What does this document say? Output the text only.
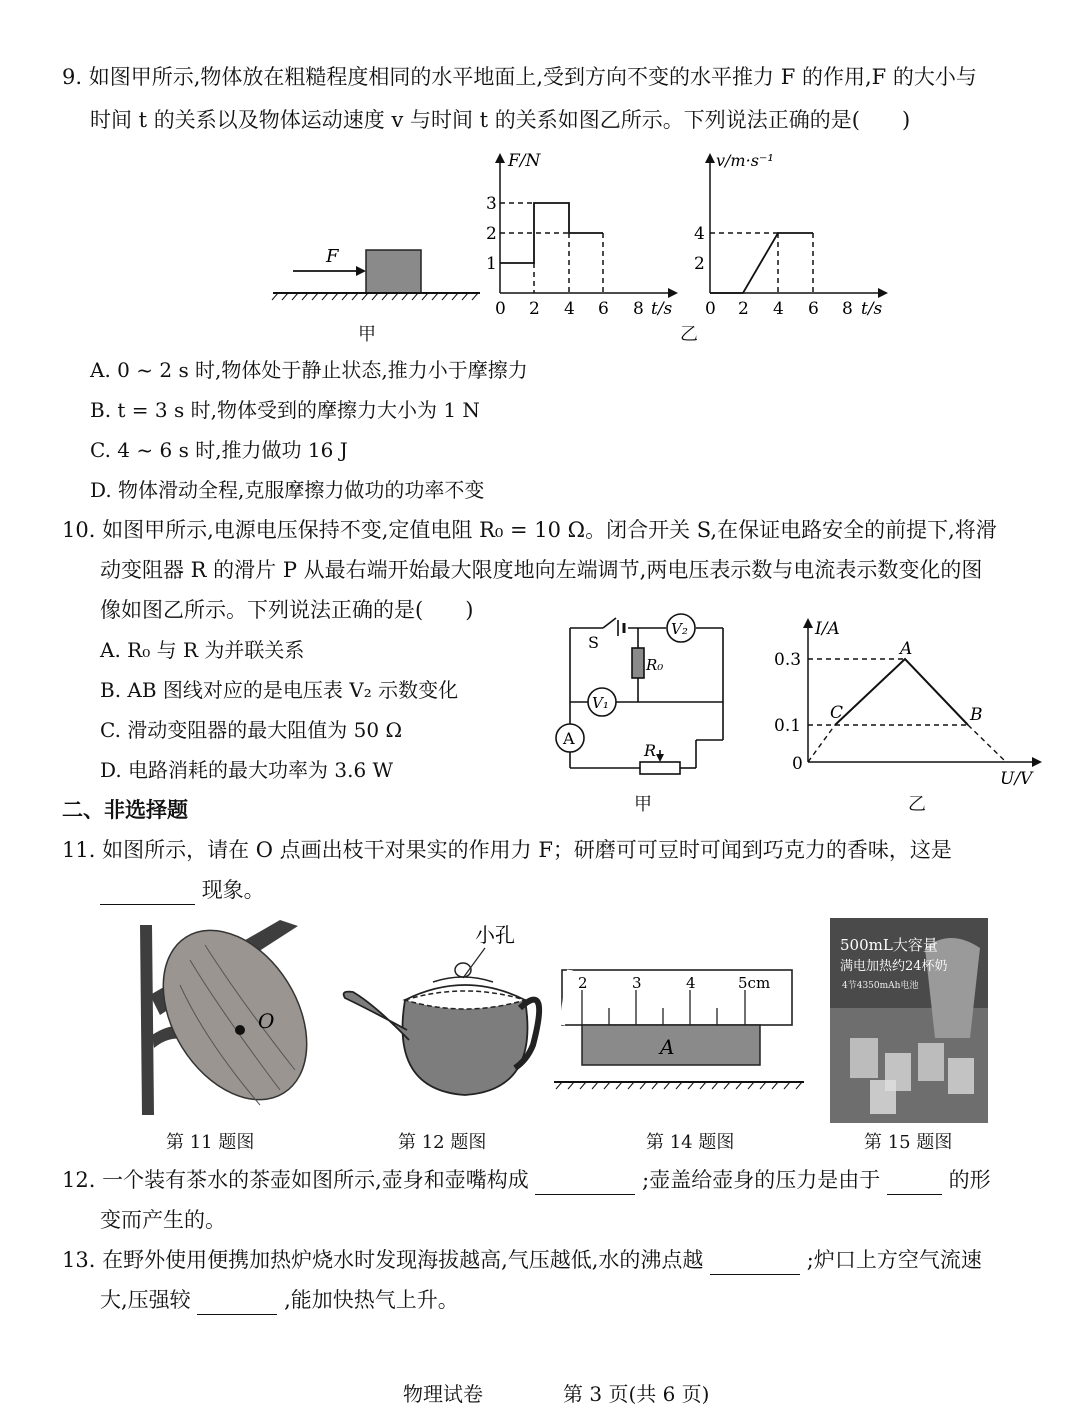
9. 如图甲所示,物体放在粗糙程度相同的水平地面上,受到方向不变的水平推力 F 的作用,F 的大小与
时间 t 的关系以及物体运动速度 v 与时间 t 的关系如图乙所示。下列说法正确的是(　　)
F
甲
F/N
1
2
3
0 2 4 6 8 t/s
v/m·s⁻¹
2
4
0 2 4 6 8 t/s
乙
A. 0 ~ 2 s 时,物体处于静止状态,推力小于摩擦力
B. t = 3 s 时,物体受到的摩擦力大小为 1 N
C. 4 ~ 6 s 时,推力做功 16 J
D. 物体滑动全程,克服摩擦力做功的功率不变
10. 如图甲所示,电源电压保持不变,定值电阻 R₀ = 10 Ω。闭合开关 S,在保证电路安全的前提下,将滑
动变阻器 R 的滑片 P 从最右端开始最大限度地向左端调节,两电压表示数与电流表示数变化的图
像如图乙所示。下列说法正确的是(　　)
A. R₀ 与 R 为并联关系
B. AB 图线对应的是电压表 V₂ 示数变化
C. 滑动变阻器的最大阻值为 50 Ω
D. 电路消耗的最大功率为 3.6 W
S
V₂
R₀
V₁
A
R
甲
I/A
U/V
0.3
0.1
0
A
B
C
乙
二、非选择题
11. 如图所示，请在 O 点画出枝干对果实的作用力 F；研磨可可豆时可闻到巧克力的香味，这是
现象。
O
第 11 题图
小孔
第 12 题图
2	3	4	5cm
A
第 14 题图
500mL大容量
满电加热约24杯奶
4节4350mAh电池
第 15 题图
12. 一个装有茶水的茶壶如图所示,壶身和壶嘴构成	;壶盖给壶身的压力是由于	的形
变而产生的。
13. 在野外使用便携加热炉烧水时发现海拔越高,气压越低,水的沸点越	;炉口上方空气流速
大,压强较	,能加快热气上升。
物理试卷	第 3 页(共 6 页)
